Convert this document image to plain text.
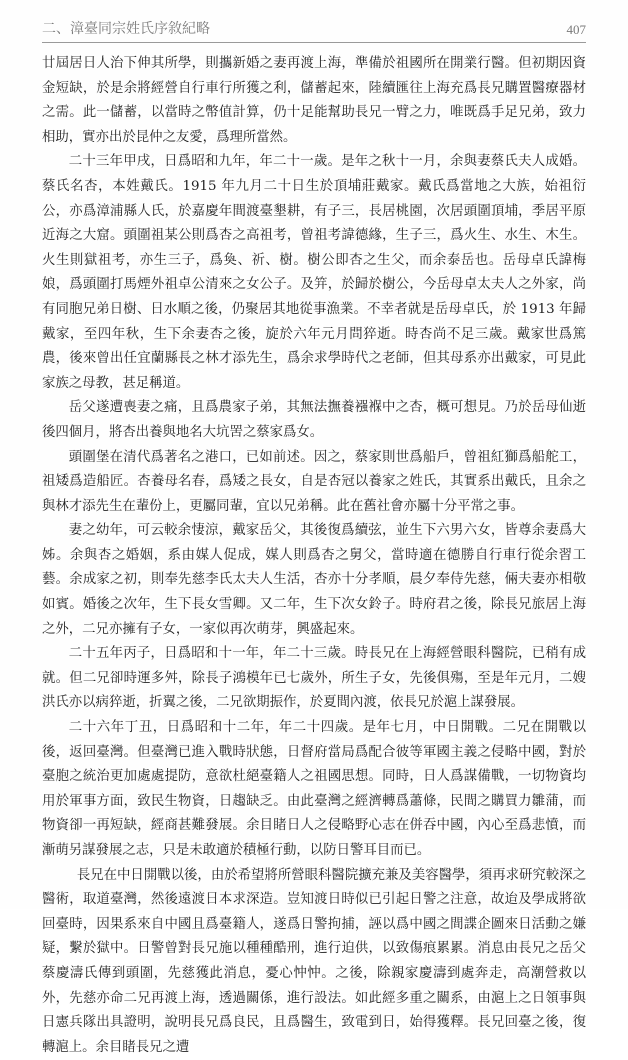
二、漳臺同宗姓氏序敘紀略	407

廿屆居日人治下伸其所學，則攜新婚之妻再渡上海，準備於祖國所在開業行醫。但初期因資金短缺，於是余將經營自行車行所獲之利，儲蓄起來，陸續匯往上海充爲長兄購置醫療器材之需。此一儲蓄，以當時之幣值計算，仍十足能幫助長兄一臂之力，唯既爲手足兄弟，致力相助，實亦出於昆仲之友愛，爲理所當然。

二十三年甲戌，日爲昭和九年，年二十一歲。是年之秋十一月，余與妻蔡氏夫人成婚。蔡氏名杏，本姓戴氏。1915 年九月二十日生於頂埔莊戴家。戴氏爲當地之大族，始祖衍公，亦爲漳浦縣人氏，於嘉慶年間渡臺墾耕，有子三，長居桃園，次居頭圍頂埔，季居平原近海之大窟。頭圍祖某公則爲杏之高祖考，曾祖考諱德緣，生子三，爲火生、水生、木生。火生則獄祖考，亦生三子，爲奐、祈、樹。樹公即杏之生父，而余泰岳也。岳母卓氏諱梅娘，爲頭圍打馬煙外祖卓公清來之女公子。及笄，於歸於樹公，今岳母卓太夫人之外家，尚有同胞兄弟日樹、日水順之後，仍聚居其地從事漁業。不幸者就是岳母卓氏，於 1913 年歸戴家，至四年秋，生下余妻杏之後，旋於六年元月問猝逝。時杏尚不足三歲。戴家世爲篤農，後來曾出任宜蘭縣長之林才添先生，爲余求學時代之老師，但其母系亦出戴家，可見此家族之母教，甚足稱道。

岳父遂遭喪妻之痛，且爲農家子弟，其無法撫養襁褓中之杏，概可想見。乃於岳母仙逝後四個月，將杏出養與地名大坑罟之蔡家爲女。

頭圍堡在清代爲著名之港口，已如前述。因之，蔡家則世爲船戶，曾祖紅獅爲船舵工，祖矮爲造船匠。杏養母名春，爲矮之長女，自是杏冠以養家之姓氏，其實系出戴氏，且余之與林才添先生在輩份上，更屬同輩，宜以兄弟稱。此在舊社會亦屬十分平常之事。

妻之幼年，可云較余悽涼，戴家岳父，其後復爲續弦，並生下六男六女，皆尊余妻爲大姊。余與杏之婚姻，系由媒人促成，媒人則爲杏之舅父，當時適在德勝自行車行從余習工藝。余成家之初，則奉先慈李氏太夫人生活，杏亦十分孝順，晨夕奉侍先慈，倆夫妻亦相敬如賓。婚後之次年，生下長女雪卿。又二年，生下次女鈴子。時府君之後，除長兄旅居上海之外，二兄亦擁有子女，一家似再次萌芽，興盛起來。

二十五年丙子，日爲昭和十一年，年二十三歲。時長兄在上海經營眼科醫院，已稍有成就。但二兄卻時運多舛，除長子鴻模年已七歲外，所生子女，先後俱殤，至是年元月，二嫂洪氏亦以病猝逝，折翼之後，二兄欲期振作，於夏間內渡，依長兄於滬上謀發展。

二十六年丁丑，日爲昭和十二年，年二十四歲。是年七月，中日開戰。二兄在開戰以後，返回臺灣。但臺灣已進入戰時狀態，日督府當局爲配合彼等軍國主義之侵略中國，對於臺胞之統治更加處處提防，意欲杜絕臺籍人之祖國思想。同時，日人爲謀備戰，一切物資均用於軍事方面，致民生物資，日趨缺乏。由此臺灣之經濟轉爲蕭條，民間之購買力雛蒲，而物資卻一再短缺，經商甚難發展。余目睹日人之侵略野心志在併吞中國，內心至爲悲憤，而漸萌另謀發展之志，只是未敢適於積極行動，以防日警耳目而已。

長兄在中日開戰以後，由於希望將所營眼科醫院擴充兼及美容醫學，須再求研究較深之醫術，取道臺灣，然後遠渡日本求深造。豈知渡日時似已引起日警之注意，故迨及學成將欲回臺時，因果系來自中國且爲臺籍人，遂爲日警拘捕，誣以爲中國之間諜企圖來日活動之嫌疑，繫於獄中。日警曾對長兄施以種種酷刑，進行迫供，以致傷痕累累。消息由長兄之岳父蔡慶濤氏傳到頭圍，先慈獲此消息，憂心忡忡。之後，除親家慶濤到處奔走，高潮營救以外，先慈亦命二兄再渡上海，透過關係，進行設法。如此經多重之關系，由滬上之日領事與日憲兵隊出具證明，說明長兄爲良民，且爲醫生，致電到日，始得獲釋。長兄回臺之後，復轉滬上。余目睹長兄之遭
